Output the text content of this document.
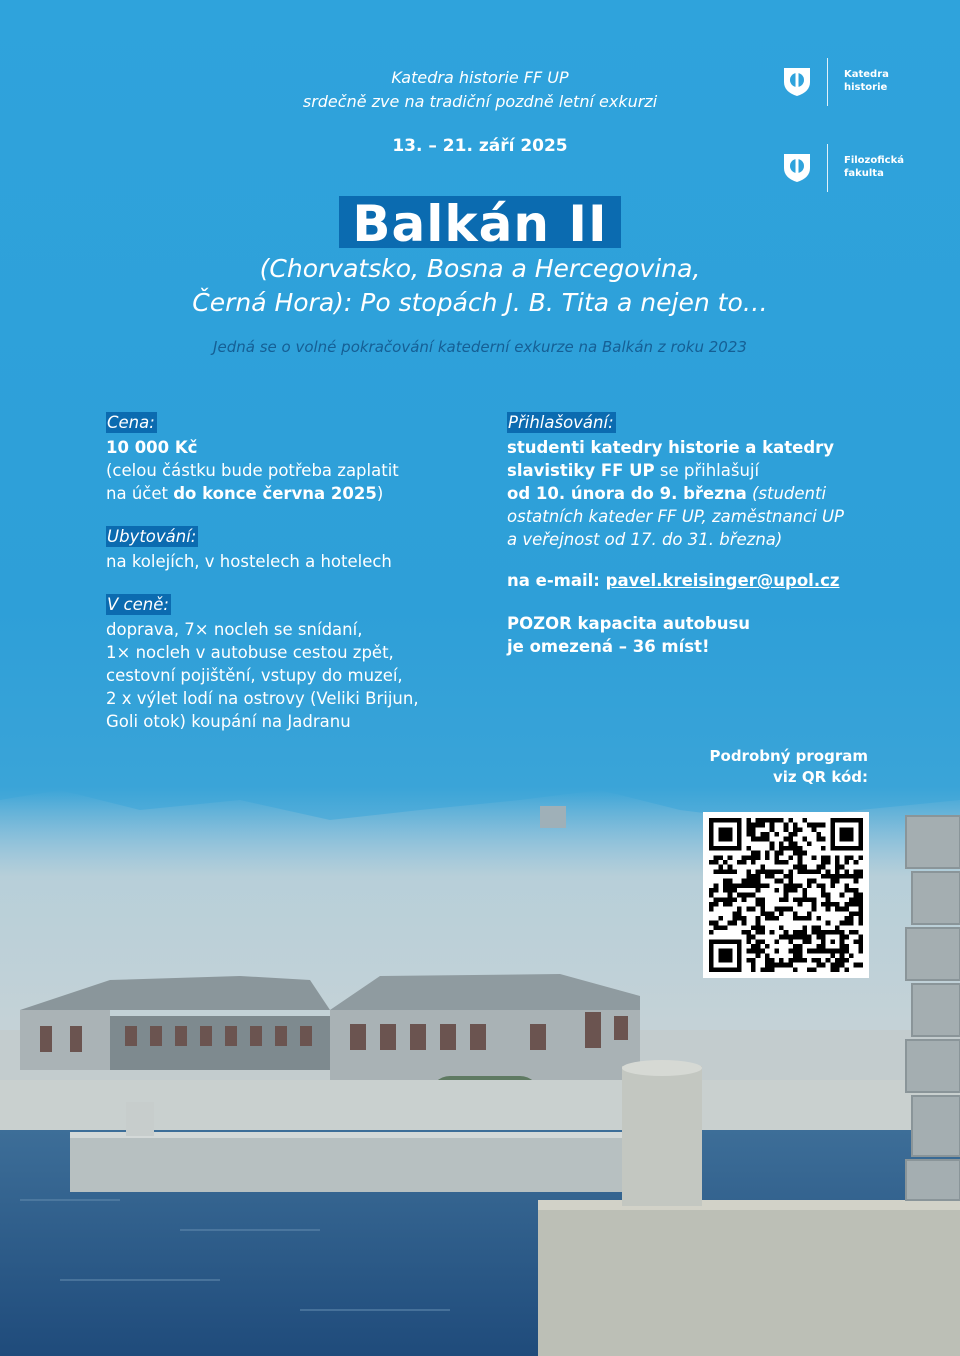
Katedra historie FF UP
srdečně zve na tradiční pozdně letní exkurzi
13. – 21. září 2025
Katedra
historie
Filozofická
fakulta
Balkán II
(Chorvatsko, Bosna a Hercegovina,
Černá Hora): Po stopách J. B. Tita a nejen to…
Jedná se o volné pokračování katederní exkurze na Balkán z roku 2023
Cena:
10 000 Kč
(celou částku bude potřeba zaplatit
na účet do konce června 2025)
Ubytování:
na kolejích, v hostelech a hotelech
V ceně:
doprava, 7× nocleh se snídaní,
1× nocleh v autobuse cestou zpět,
cestovní pojištění, vstupy do muzeí,
2 x výlet lodí na ostrovy (Veliki Brijun,
Goli otok) koupání na Jadranu
Přihlašování:
studenti katedry historie a katedry
slavistiky FF UP se přihlašují
od 10. února do 9. března (studenti
ostatních kateder FF UP, zaměstnanci UP
a veřejnost od 17. do 31. března)
na e-mail: pavel.kreisinger@upol.cz
POZOR kapacita autobusu
je omezená – 36 míst!
Podrobný program
viz QR kód:
